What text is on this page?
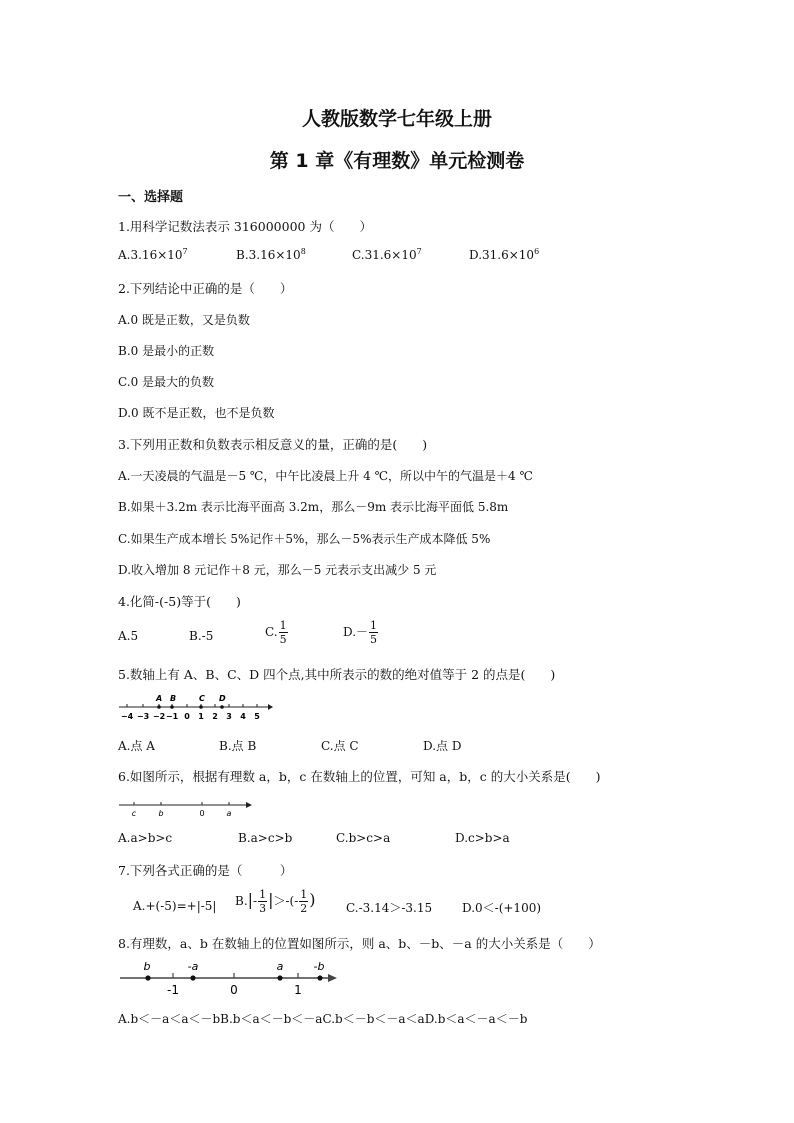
人教版数学七年级上册
第 1 章《有理数》单元检测卷
一、选择题
1.用科学记数法表示 316000000 为（　　）
$A.3.16\times 10^7$	$B.3.16\times 10^8$	$C.31.6\times 10^7$	$D.31.6\times 10^6$
2.下列结论中正确的是（　　）
A.0 既是正数，又是负数
B.0 是最小的正数
C.0 是最大的负数
D.0 既不是正数，也不是负数
3.下列用正数和负数表示相反意义的量，正确的是(　　)
A.一天凌晨的气温是－5 ℃，中午比凌晨上升 4 ℃，所以中午的气温是＋4 ℃
B.如果＋3.2m 表示比海平面高 3.2m，那么－9m 表示比海平面低 5.8m
C.如果生产成本增长 5%记作＋5%，那么－5%表示生产成本降低 5%
D.收入增加 8 元记作＋8 元，那么－5 元表示支出减少 5 元
4.化简-(-5)等于(　　)
A.5	B.-5	C. $\frac{1}{5}$	$D.- \frac{1}{5}$
5.数轴上有 A、B、C、D 四个点,其中所表示的数的绝对值等于 2 的点是(　　)
A B	C D
−4 −3 −2 −1 0 1 2 3 4 5
A.点 A	B.点 B	C.点 C	D.点 D
6.如图所示，根据有理数 a，b，c 在数轴上的位置，可知 a，b，c 的大小关系是(　　)
c	b	0	a
A.a>b>c	B.a>c>b	C.b>c>a	D.c>b>a
7.下列各式正确的是（　　　）
A.+(-5)=+|-5| $B.|- \frac{1}{3}$ |＞-(- $\frac{1}{2}$ )	C.-3.14＞-3.15 D.0＜-(+100)
8.有理数，a、b 在数轴上的位置如图所示，则 a、b、－b、－a 的大小关系是（　　）
b	-a	a	-b
-1	0	1
A.b＜－a＜a＜－bB.b＜a＜－b＜－aC.b＜－b＜－a＜aD.b＜a＜－a＜－b
